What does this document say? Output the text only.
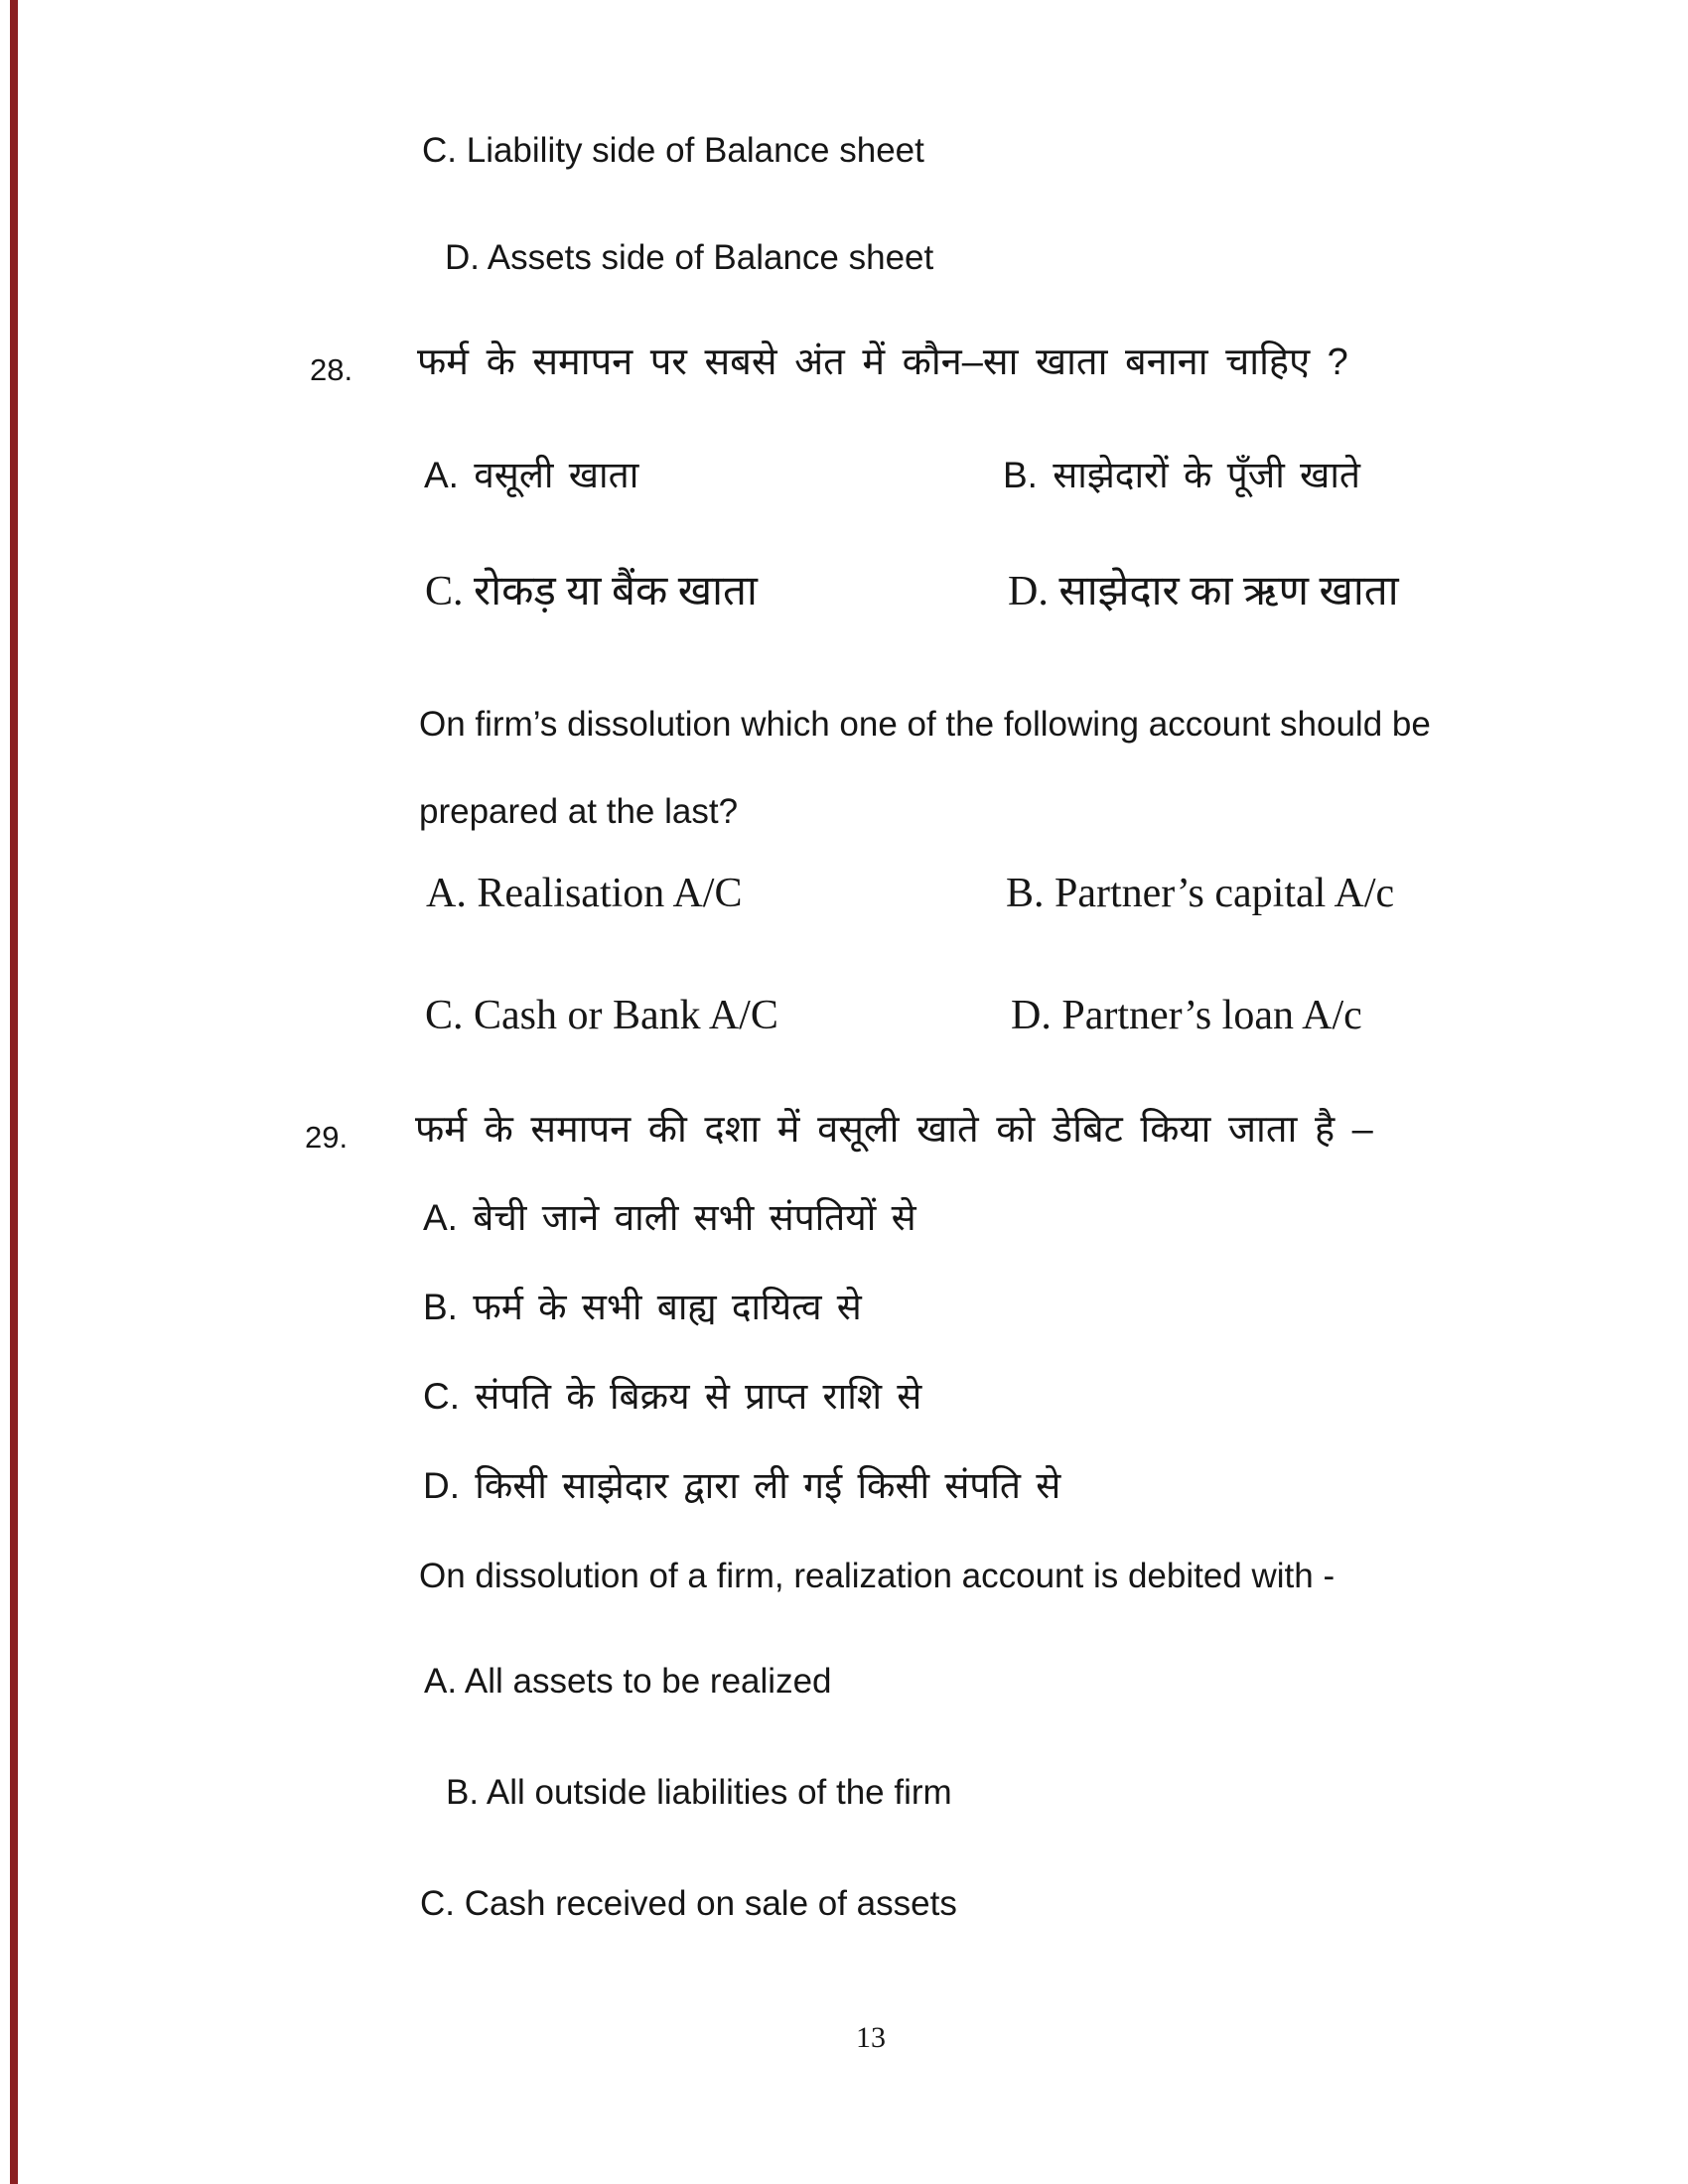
C. Liability side of Balance sheet
D. Assets side of Balance sheet
28. फर्म के समापन पर सबसे अंत में कौन–सा खाता बनाना चाहिए ?
A. वसूली खाता	B. साझेदारों के पूँजी खाते
C. रोकड़ या बैंक खाता	D. साझेदार का ऋण खाता
On firm’s dissolution which one of the following account should be
prepared at the last?
A. Realisation A/C	B. Partner’s capital A/c
C. Cash or Bank A/C	D. Partner’s loan A/c
29. फर्म के समापन की दशा में वसूली खाते को डेबिट किया जाता है –
A. बेची जाने वाली सभी संपतियों से
B. फर्म के सभी बाह्य दायित्व से
C. संपति के बिक्रय से प्राप्त राशि से
D. किसी साझेदार द्वारा ली गई किसी संपति से
On dissolution of a firm, realization account is debited with -
A. All assets to be realized
B. All outside liabilities of the firm
C. Cash received on sale of assets
13
